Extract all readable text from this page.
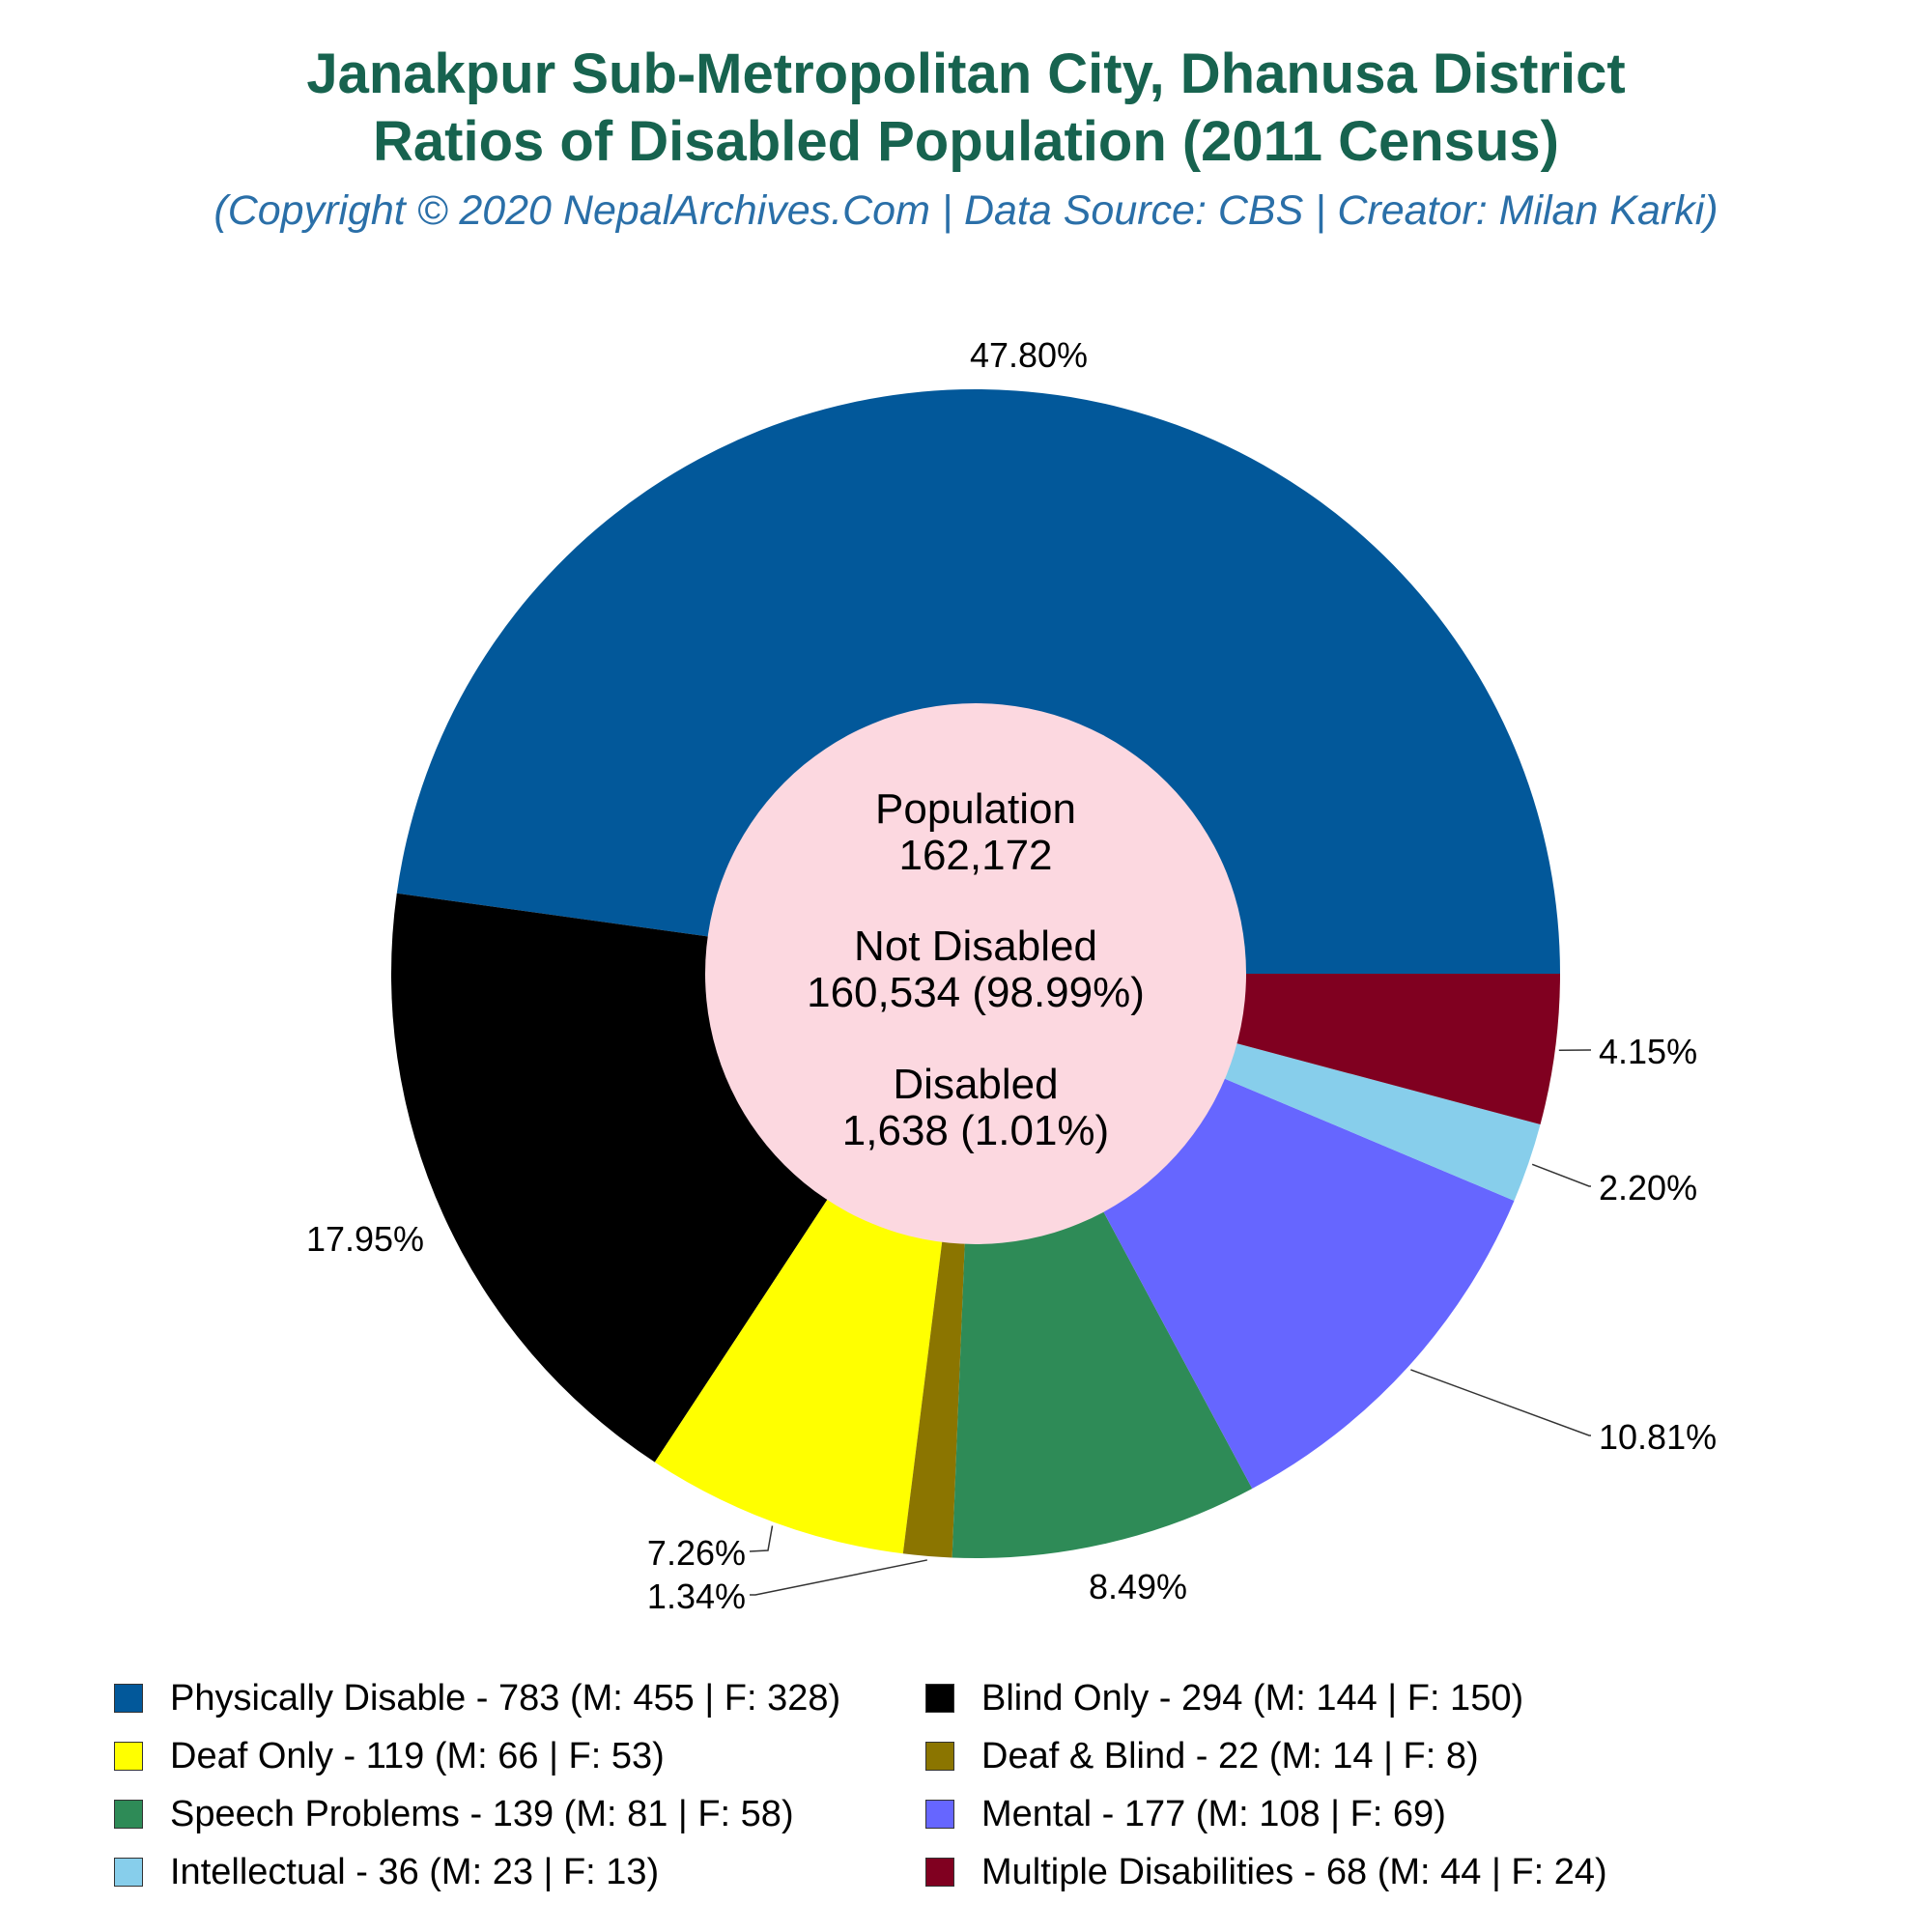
Janakpur Sub-Metropolitan City, Dhanusa District
Ratios of Disabled Population (2011 Census)
(Copyright © 2020 NepalArchives.Com | Data Source: CBS | Creator: Milan Karki)
47.80%
17.95%
7.26%
1.34%	8.49%
10.81%
2.20%
4.15%
Population
162,172
Not Disabled
160,534 (98.99%)
Disabled
1,638 (1.01%)
Physically Disable - 783 (M: 455 | F: 328)	Blind Only - 294 (M: 144 | F: 150)
Deaf Only - 119 (M: 66 | F: 53)	Deaf & Blind - 22 (M: 14 | F: 8)
Speech Problems - 139 (M: 81 | F: 58)	Mental - 177 (M: 108 | F: 69)
Intellectual - 36 (M: 23 | F: 13)	Multiple Disabilities - 68 (M: 44 | F: 24)
